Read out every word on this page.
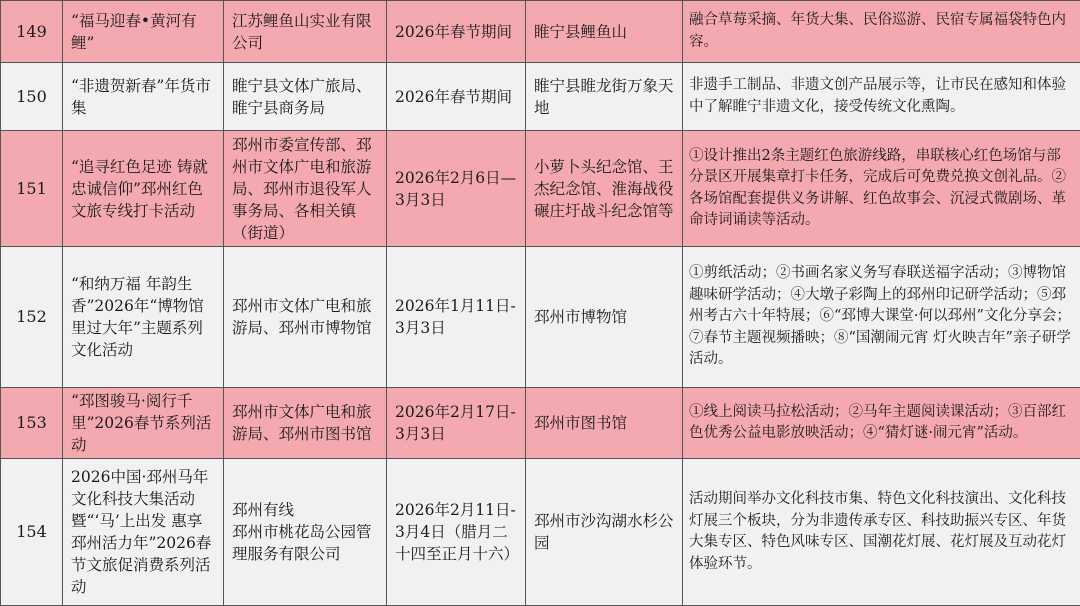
149	“福马迎春•黄河有鲤”	江苏鲤鱼山实业有限公司	2026年春节期间	睢宁县鲤鱼山	融合草莓采摘、年货大集、民俗巡游、民宿专属福袋特色内容。
150	“非遗贺新春”年货市集	睢宁县文体广旅局、睢宁县商务局	2026年春节期间	睢宁县睢龙街万象天地	非遗手工制品、非遗文创产品展示等，让市民在感知和体验中了解睢宁非遗文化，接受传统文化熏陶。
151	“追寻红色足迹 铸就忠诚信仰”邳州红色文旅专线打卡活动	邳州市委宣传部、邳州市文体广电和旅游局、邳州市退役军人事务局、各相关镇（街道）	2026年2月6日—3月3日	小萝卜头纪念馆、王杰纪念馆、淮海战役碾庄圩战斗纪念馆等	①设计推出2条主题红色旅游线路，串联核心红色场馆与部分景区开展集章打卡任务，完成后可免费兑换文创礼品。②各场馆配套提供义务讲解、红色故事会、沉浸式微剧场、革命诗词诵读等活动。
152	“和纳万福 年韵生香”2026年“博物馆里过大年”主题系列文化活动	邳州市文体广电和旅游局、邳州市博物馆	2026年1月11日-3月3日	邳州市博物馆	①剪纸活动；②书画名家义务写春联送福字活动；③博物馆趣味研学活动；④大墩子彩陶上的邳州印记研学活动；⑤邳州考古六十年特展；⑥“邳博大课堂·何以邳州”文化分享会；⑦春节主题视频播映；⑧“国潮闹元宵 灯火映吉年”亲子研学活动。
153	“邳图骏马·阅行千里”2026春节系列活动	邳州市文体广电和旅游局、邳州市图书馆	2026年2月17日-3月3日	邳州市图书馆	①线上阅读马拉松活动；②马年主题阅读课活动；③百部红色优秀公益电影放映活动；④“猜灯谜·闹元宵”活动。
154	2026中国·邳州马年文化科技大集活动暨“‘马’上出发 惠享邳州活力年”2026春节文旅促消费系列活动	邳州有线
邳州市桃花岛公园管理服务有限公司	2026年2月11日-3月4日（腊月二十四至正月十六）	邳州市沙沟湖水杉公园	活动期间举办文化科技市集、特色文化科技演出、文化科技灯展三个板块，分为非遗传承专区、科技助振兴专区、年货大集专区、特色风味专区、国潮花灯展、花灯展及互动花灯体验环节。
